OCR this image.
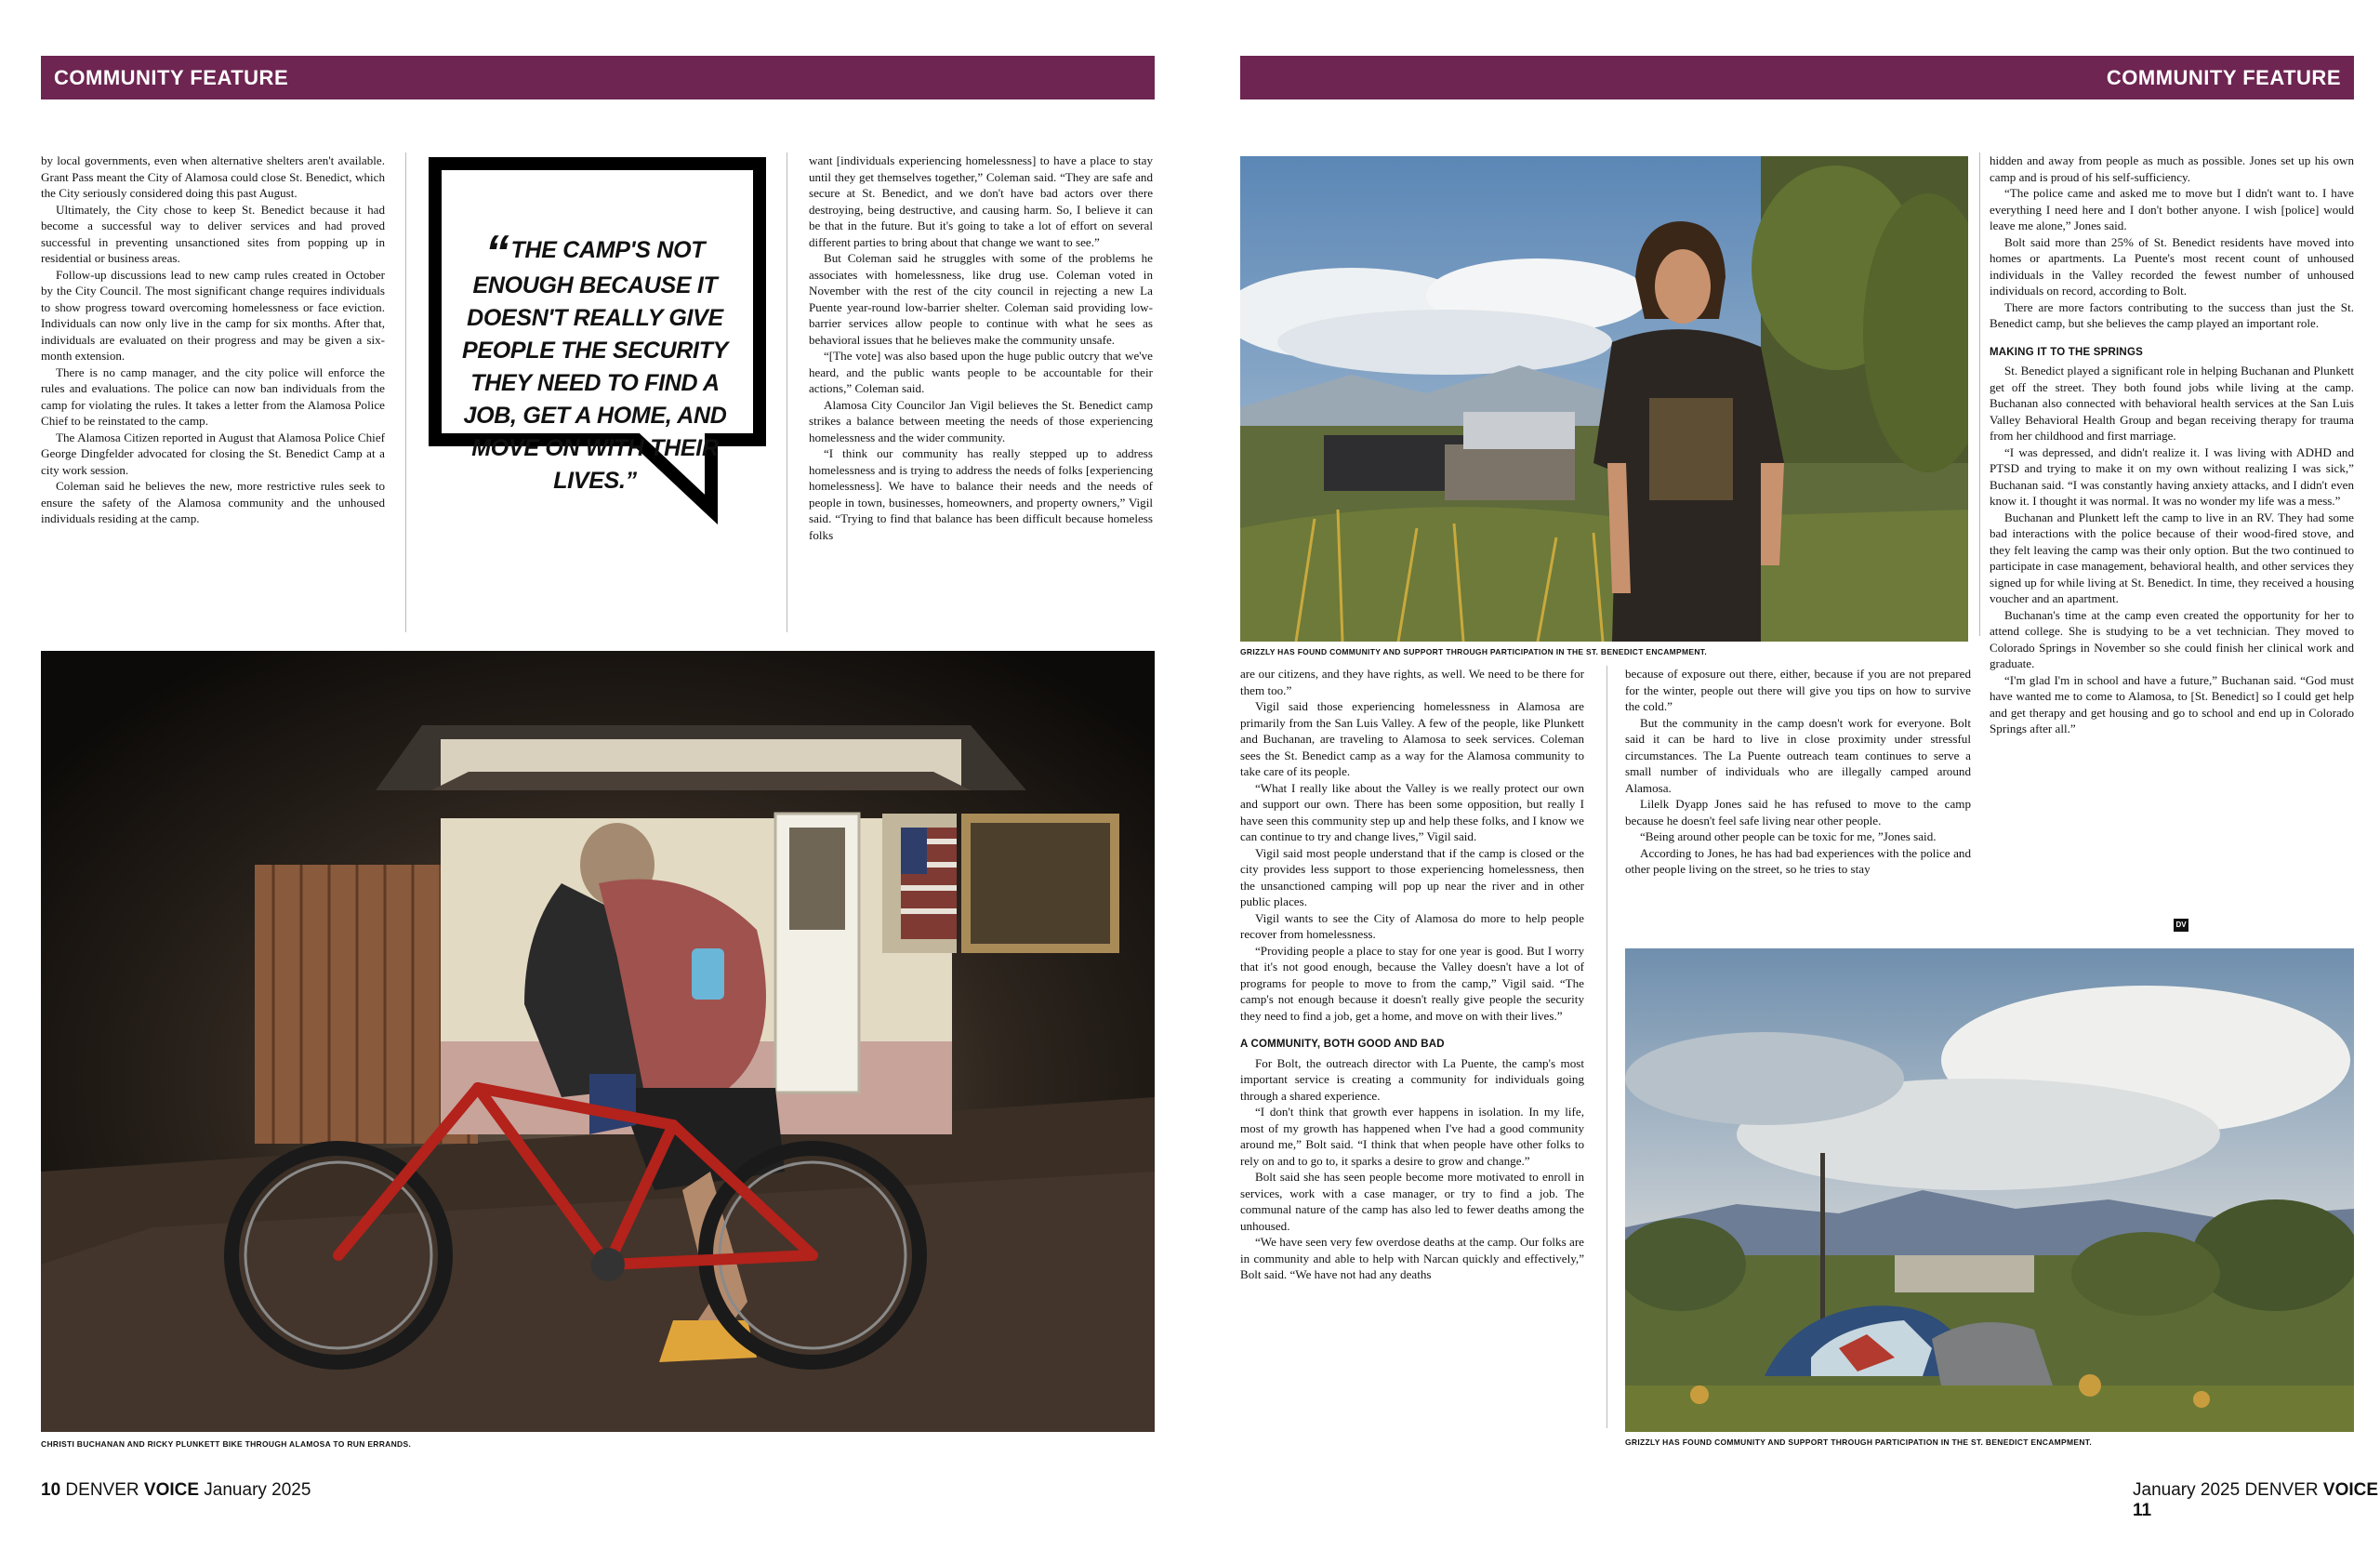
COMMUNITY FEATURE

by local governments, even when alternative shelters aren't available. Grant Pass meant the City of Alamosa could close St. Benedict, which the City seriously considered doing this past August.

Ultimately, the City chose to keep St. Benedict because it had become a successful way to deliver services and had proved successful in preventing unsanctioned sites from popping up in residential or business areas.

Follow-up discussions lead to new camp rules created in October by the City Council. The most significant change requires individuals to show progress toward overcoming homelessness or face eviction. Individuals can now only live in the camp for six months. After that, individuals are evaluated on their progress and may be given a six-month extension.

There is no camp manager, and the city police will enforce the rules and evaluations. The police can now ban individuals from the camp for violating the rules. It takes a letter from the Alamosa Police Chief to be reinstated to the camp.

The Alamosa Citizen reported in August that Alamosa Police Chief George Dingfelder advocated for closing the St. Benedict Camp at a city work session.

Coleman said he believes the new, more restrictive rules seek to ensure the safety of the Alamosa community and the unhoused individuals residing at the camp.

“THE CAMP'S NOT ENOUGH BECAUSE IT DOESN'T REALLY GIVE PEOPLE THE SECURITY THEY NEED TO FIND A JOB, GET A HOME, AND MOVE ON WITH THEIR LIVES.”

want [individuals experiencing homelessness] to have a place to stay until they get themselves together,” Coleman said. “They are safe and secure at St. Benedict, and we don't have bad actors over there destroying, being destructive, and causing harm. So, I believe it can be that in the future. But it's going to take a lot of effort on several different parties to bring about that change we want to see.”

But Coleman said he struggles with some of the problems he associates with homelessness, like drug use. Coleman voted in November with the rest of the city council in rejecting a new La Puente year-round low-barrier shelter. Coleman said providing low-barrier services allow people to continue with what he sees as behavioral issues that he believes make the community unsafe.

“[The vote] was also based upon the huge public outcry that we've heard, and the public wants people to be accountable for their actions,” Coleman said.

Alamosa City Councilor Jan Vigil believes the St. Benedict camp strikes a balance between meeting the needs of those experiencing homelessness and the wider community.

“I think our community has really stepped up to address homelessness and is trying to address the needs of folks [experiencing homelessness]. We have to balance their needs and the needs of people in town, businesses, homeowners, and property owners,” Vigil said. “Trying to find that balance has been difficult because homeless folks

CHRISTI BUCHANAN AND RICKY PLUNKETT BIKE THROUGH ALAMOSA TO RUN ERRANDS.
10 DENVER VOICE January 2025
COMMUNITY FEATURE
GRIZZLY HAS FOUND COMMUNITY AND SUPPORT THROUGH PARTICIPATION IN THE ST. BENEDICT ENCAMPMENT.

hidden and away from people as much as possible. Jones set up his own camp and is proud of his self-sufficiency.

“The police came and asked me to move but I didn't want to. I have everything I need here and I don't bother anyone. I wish [police] would leave me alone,” Jones said.

Bolt said more than 25% of St. Benedict residents have moved into homes or apartments. La Puente's most recent count of unhoused individuals in the Valley recorded the fewest number of unhoused individuals on record, according to Bolt.

There are more factors contributing to the success than just the St. Benedict camp, but she believes the camp played an important role.

MAKING IT TO THE SPRINGS

St. Benedict played a significant role in helping Buchanan and Plunkett get off the street. They both found jobs while living at the camp. Buchanan also connected with behavioral health services at the San Luis Valley Behavioral Health Group and began receiving therapy for trauma from her childhood and first marriage.

“I was depressed, and didn't realize it. I was living with ADHD and PTSD and trying to make it on my own without realizing I was sick,” Buchanan said. “I was constantly having anxiety attacks, and I didn't even know it. I thought it was normal. It was no wonder my life was a mess.”

Buchanan and Plunkett left the camp to live in an RV. They had some bad interactions with the police because of their wood-fired stove, and they felt leaving the camp was their only option. But the two continued to participate in case management, behavioral health, and other services they signed up for while living at St. Benedict. In time, they received a housing voucher and an apartment.

Buchanan's time at the camp even created the opportunity for her to attend college. She is studying to be a vet technician. They moved to Colorado Springs in November so she could finish her clinical work and graduate.

“I'm glad I'm in school and have a future,” Buchanan said. “God must have wanted me to come to Alamosa, to [St. Benedict] so I could get help and get therapy and get housing and go to school and end up in Colorado Springs after all.”

DV

are our citizens, and they have rights, as well. We need to be there for them too.”

Vigil said those experiencing homelessness in Alamosa are primarily from the San Luis Valley. A few of the people, like Plunkett and Buchanan, are traveling to Alamosa to seek services. Coleman sees the St. Benedict camp as a way for the Alamosa community to take care of its people.

“What I really like about the Valley is we really protect our own and support our own. There has been some opposition, but really I have seen this community step up and help these folks, and I know we can continue to try and change lives,” Vigil said.

Vigil said most people understand that if the camp is closed or the city provides less support to those experiencing homelessness, then the unsanctioned camping will pop up near the river and in other public places.

Vigil wants to see the City of Alamosa do more to help people recover from homelessness.

“Providing people a place to stay for one year is good. But I worry that it's not good enough, because the Valley doesn't have a lot of programs for people to move to from the camp,” Vigil said. “The camp's not enough because it doesn't really give people the security they need to find a job, get a home, and move on with their lives.”

A COMMUNITY, BOTH GOOD AND BAD

For Bolt, the outreach director with La Puente, the camp's most important service is creating a community for individuals going through a shared experience.

“I don't think that growth ever happens in isolation. In my life, most of my growth has happened when I've had a good community around me,” Bolt said. “I think that when people have other folks to rely on and to go to, it sparks a desire to grow and change.”

Bolt said she has seen people become more motivated to enroll in services, work with a case manager, or try to find a job. The communal nature of the camp has also led to fewer deaths among the unhoused.

“We have seen very few overdose deaths at the camp. Our folks are in community and able to help with Narcan quickly and effectively,” Bolt said. “We have not had any deaths

because of exposure out there, either, because if you are not prepared for the winter, people out there will give you tips on how to survive the cold.”

But the community in the camp doesn't work for everyone. Bolt said it can be hard to live in close proximity under stressful circumstances. The La Puente outreach team continues to serve a small number of individuals who are illegally camped around Alamosa.

Lilelk Dyapp Jones said he has refused to move to the camp because he doesn't feel safe living near other people.

“Being around other people can be toxic for me, ”Jones said.

According to Jones, he has had bad experiences with the police and other people living on the street, so he tries to stay

GRIZZLY HAS FOUND COMMUNITY AND SUPPORT THROUGH PARTICIPATION IN THE ST. BENEDICT ENCAMPMENT.
January 2025 DENVER VOICE 11
